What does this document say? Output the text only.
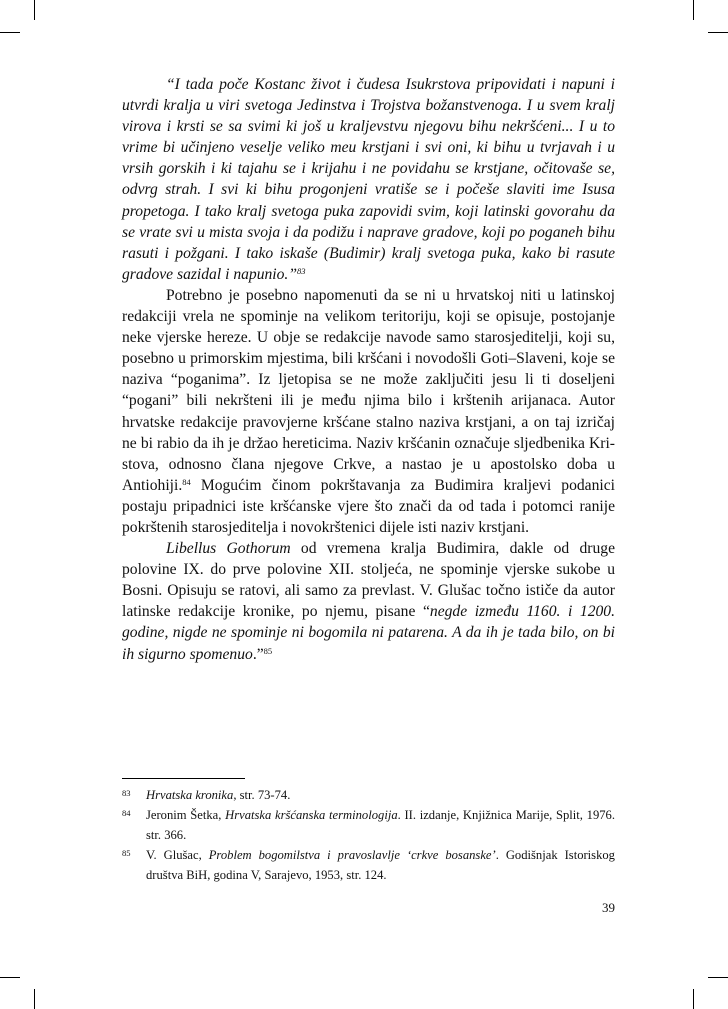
“I tada poče Kostanc život i čudesa Isukrstova pripovidati i napuni i utvrdi kralja u viri svetoga Jedinstva i Trojstva božanstvenoga. I u svem kralj virova i krsti se sa svimi ki još u kraljevstvu njegovu bihu nekršćeni... I u to vrime bi učinjeno veselje veliko meu krstjani i svi oni, ki bihu u tvrjavah i u vrsih gorskih i ki tajahu se i krijahu i ne povidahu se krstjane, očitovaše se, odvrg strah. I svi ki bihu progonjeni vratiše se i počeše slaviti ime Isusa propetoga. I tako kralj svetoga puka zapovidi svim, koji latinski govorahu da se vrate svi u mista svoja i da podižu i naprave gradove, koji po poganeh bihu rasuti i požgani. I tako iskaše (Budimir) kralj svetoga puka, kako bi rasute gradove sazidal i napunio.”$^{83}$

Potrebno je posebno napomenuti da se ni u hrvatskoj niti u latinskoj redakciji vrela ne spominje na velikom teritoriju, koji se opisuje, postojanje neke vjerske hereze. U obje se redakcije navode samo starosjeditelji, koji su, posebno u primorskim mjestima, bili kršćani i novodošli Goti–Slaveni, koje se naziva “poganima”. Iz ljetopisa se ne može zaključiti jesu li ti doseljeni “pogani” bili nekršteni ili je među njima bilo i krštenih arijanaca. Autor hrvatske redakcije pravovjerne kršćane stalno naziva krstjani, a on taj izričaj ne bi rabio da ih je držao hereticima. Naziv kršćanin označuje sljedbenika Kristova, odnosno člana njegove Crkve, a nastao je u apostolsko doba u Antiohiji.$^{84}$ Mogućim činom pokrštavanja za Budimira kraljevi podanici postaju pripadnici iste kršćanske vjere što znači da od tada i potomci ranije pokrštenih starosjeditelja i novokrštenici dijele isti naziv krstjani.

Libellus Gothorum od vremena kralja Budimira, dakle od druge polovine IX. do prve polovine XII. stoljeća, ne spominje vjerske sukobe u Bosni. Opisuju se ratovi, ali samo za prevlast. V. Glušac točno ističe da autor latinske redakcije kronike, po njemu, pisane “negde između 1160. i 1200. godine, nigde ne spominje ni bogomila ni patarena. A da ih je tada bilo, on bi ih sigurno spomenuo.”$^{85}$

83 Hrvatska kronika, str. 73-74.

84 Jeronim Šetka, Hrvatska kršćanska terminologija. II. izdanje, Knjižnica Marije, Split, 1976. str. 366.

85 V. Glušac, Problem bogomilstva i pravoslavlje ‘crkve bosanske’. Godišnjak Istoriskog društva BiH, godina V, Sarajevo, 1953, str. 124.

39
